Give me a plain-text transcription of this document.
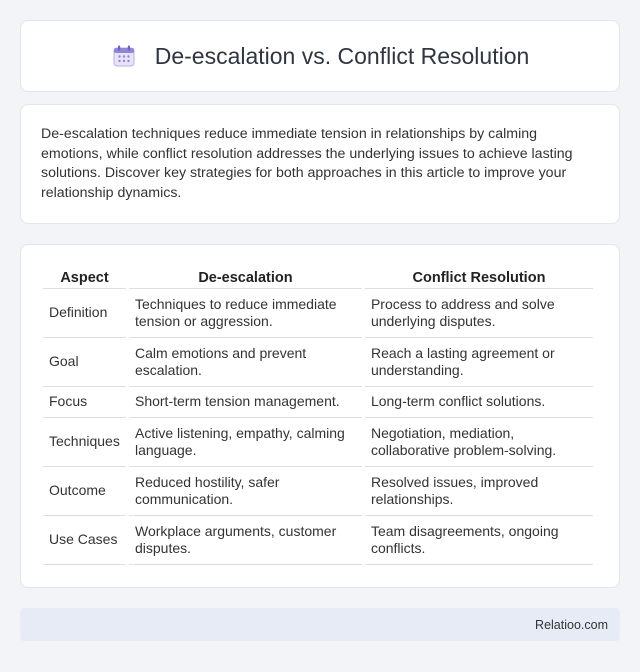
De-escalation vs. Conflict Resolution

De-escalation techniques reduce immediate tension in relationships by calming emotions, while conflict resolution addresses the underlying issues to achieve lasting solutions. Discover key strategies for both approaches in this article to improve your relationship dynamics.

Aspect	De-escalation	Conflict Resolution
Definition	Techniques to reduce immediate tension or aggression.	Process to address and solve underlying disputes.
Goal	Calm emotions and prevent escalation.	Reach a lasting agreement or understanding.
Focus	Short-term tension management.	Long-term conflict solutions.
Techniques	Active listening, empathy, calming language.	Negotiation, mediation, collaborative problem-solving.
Outcome	Reduced hostility, safer communication.	Resolved issues, improved relationships.
Use Cases	Workplace arguments, customer disputes.	Team disagreements, ongoing conflicts.
Relatioo.com
